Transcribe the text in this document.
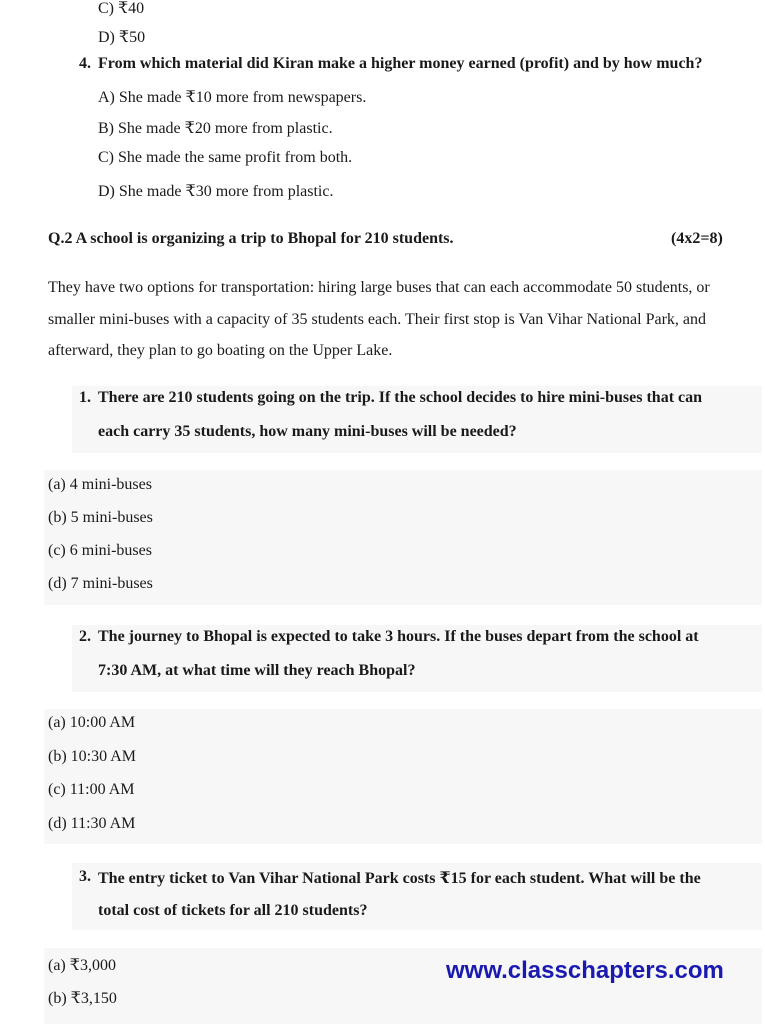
C) ₹40
D) ₹50
4. From which material did Kiran make a higher money earned (profit) and by how much?
A) She made ₹10 more from newspapers.
B) She made ₹20 more from plastic.
C) She made the same profit from both.
D) She made ₹30 more from plastic.
Q.2 A school is organizing a trip to Bhopal for 210 students.	(4x2=8)
They have two options for transportation: hiring large buses that can each accommodate 50 students, or
smaller mini-buses with a capacity of 35 students each. Their first stop is Van Vihar National Park, and
afterward, they plan to go boating on the Upper Lake.
1. There are 210 students going on the trip. If the school decides to hire mini-buses that can
each carry 35 students, how many mini-buses will be needed?
(a) 4 mini-buses
(b) 5 mini-buses
(c) 6 mini-buses
(d) 7 mini-buses
2. The journey to Bhopal is expected to take 3 hours. If the buses depart from the school at
7:30 AM, at what time will they reach Bhopal?
(a) 10:00 AM
(b) 10:30 AM
(c) 11:00 AM
(d) 11:30 AM
3. The entry ticket to Van Vihar National Park costs ₹15 for each student. What will be the
total cost of tickets for all 210 students?
(a) ₹3,000
(b) ₹3,150
www.classchapters.com
